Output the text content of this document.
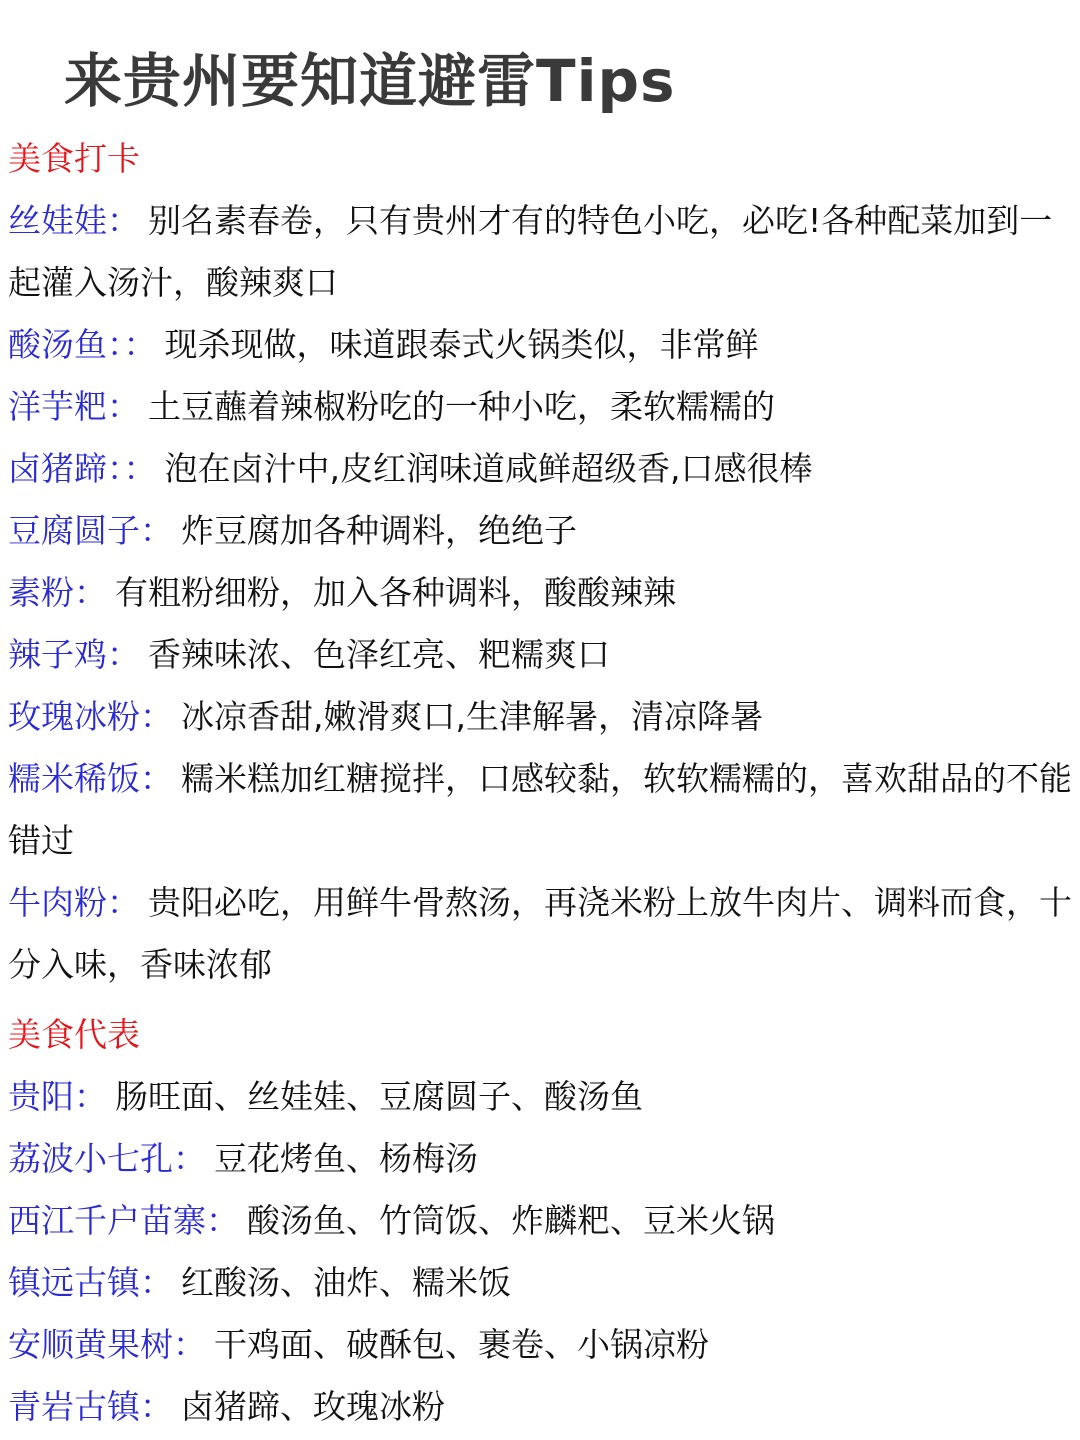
来贵州要知道避雷Tips
美食打卡
丝娃娃： 别名素春卷，只有贵州才有的特色小吃，必吃!各种配菜加到一起灌入汤汁，酸辣爽口
酸汤鱼：： 现杀现做，味道跟泰式火锅类似，非常鲜
洋芋粑： 土豆蘸着辣椒粉吃的一种小吃，柔软糯糯的
卤猪蹄：： 泡在卤汁中,皮红润味道咸鲜超级香,口感很棒
豆腐圆子： 炸豆腐加各种调料，绝绝子
素粉： 有粗粉细粉，加入各种调料，酸酸辣辣
辣子鸡： 香辣味浓、色泽红亮、粑糯爽口
玫瑰冰粉： 冰凉香甜,嫩滑爽口,生津解暑，清凉降暑
糯米稀饭： 糯米糕加红糖搅拌，口感较黏，软软糯糯的，喜欢甜品的不能错过
牛肉粉： 贵阳必吃，用鲜牛骨熬汤，再浇米粉上放牛肉片、调料而食，十分入味，香味浓郁
美食代表
贵阳： 肠旺面、丝娃娃、豆腐圆子、酸汤鱼
荔波小七孔： 豆花烤鱼、杨梅汤
西江千户苗寨： 酸汤鱼、竹筒饭、炸麟粑、豆米火锅
镇远古镇： 红酸汤、油炸、糯米饭
安顺黄果树： 干鸡面、破酥包、裹卷、小锅凉粉
青岩古镇： 卤猪蹄、玫瑰冰粉
